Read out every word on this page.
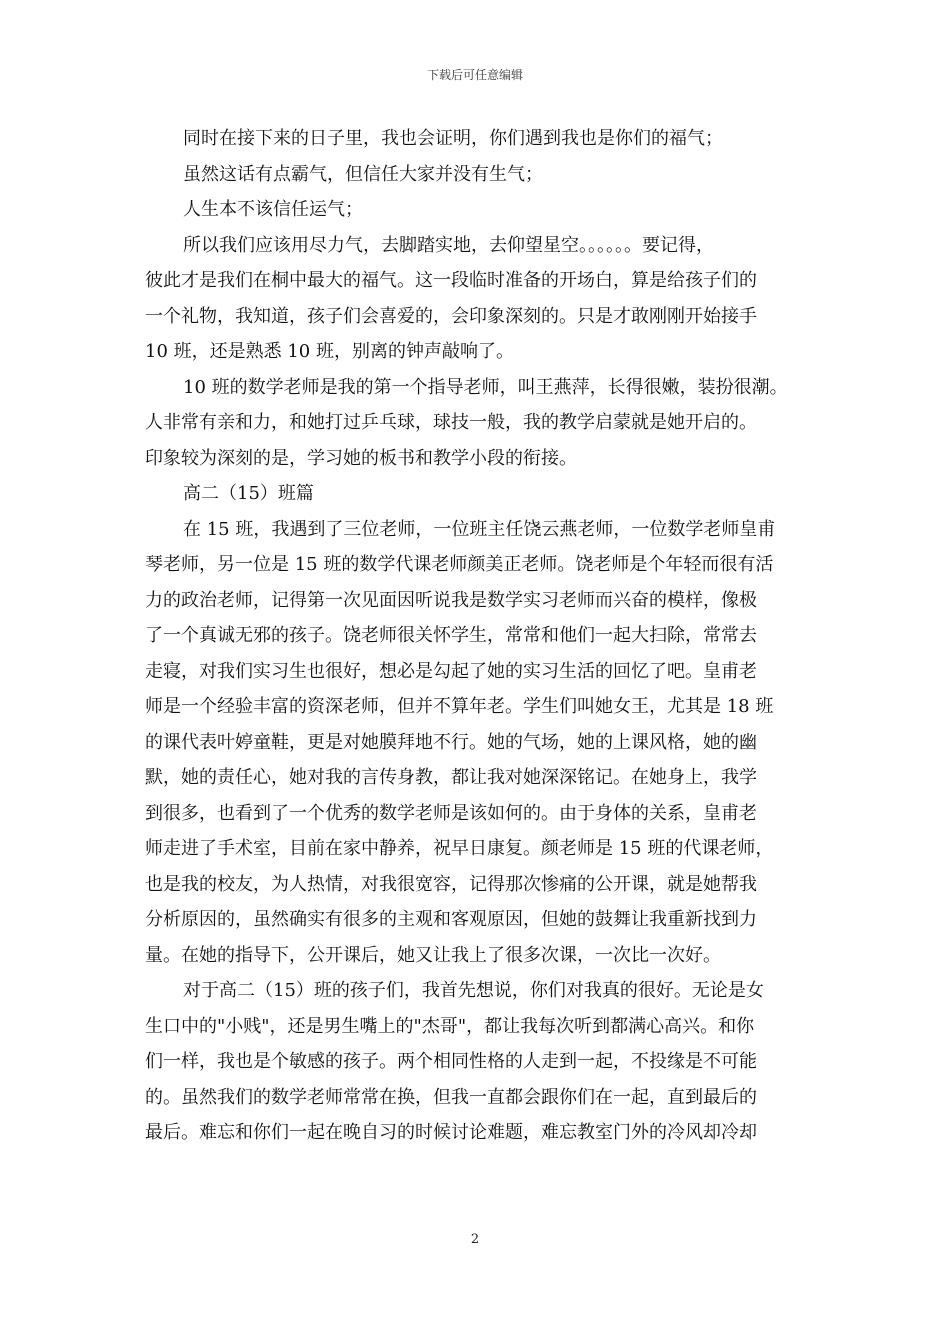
下载后可任意编辑
同时在接下来的日子里，我也会证明，你们遇到我也是你们的福气；
虽然这话有点霸气，但信任大家并没有生气；
人生本不该信任运气；
所以我们应该用尽力气，去脚踏实地，去仰望星空。。。。。。要记得，
彼此才是我们在桐中最大的福气。这一段临时准备的开场白，算是给孩子们的
一个礼物，我知道，孩子们会喜爱的，会印象深刻的。只是才敢刚刚开始接手
10 班，还是熟悉 10 班，别离的钟声敲响了。
10 班的数学老师是我的第一个指导老师，叫王燕萍，长得很嫩，装扮很潮。
人非常有亲和力，和她打过乒乓球，球技一般，我的教学启蒙就是她开启的。
印象较为深刻的是，学习她的板书和教学小段的衔接。
高二（15）班篇
在 15 班，我遇到了三位老师，一位班主任饶云燕老师，一位数学老师皇甫
琴老师，另一位是 15 班的数学代课老师颜美正老师。饶老师是个年轻而很有活
力的政治老师，记得第一次见面因听说我是数学实习老师而兴奋的模样，像极
了一个真诚无邪的孩子。饶老师很关怀学生，常常和他们一起大扫除，常常去
走寝，对我们实习生也很好，想必是勾起了她的实习生活的回忆了吧。皇甫老
师是一个经验丰富的资深老师，但并不算年老。学生们叫她女王，尤其是 18 班
的课代表叶婷童鞋，更是对她膜拜地不行。她的气场，她的上课风格，她的幽
默，她的责任心，她对我的言传身教，都让我对她深深铭记。在她身上，我学
到很多，也看到了一个优秀的数学老师是该如何的。由于身体的关系，皇甫老
师走进了手术室，目前在家中静养，祝早日康复。颜老师是 15 班的代课老师，
也是我的校友，为人热情，对我很宽容，记得那次惨痛的公开课，就是她帮我
分析原因的，虽然确实有很多的主观和客观原因，但她的鼓舞让我重新找到力
量。在她的指导下，公开课后，她又让我上了很多次课，一次比一次好。
对于高二（15）班的孩子们，我首先想说，你们对我真的很好。无论是女
生口中的"小贱"，还是男生嘴上的"杰哥"，都让我每次听到都满心高兴。和你
们一样，我也是个敏感的孩子。两个相同性格的人走到一起，不投缘是不可能
的。虽然我们的数学老师常常在换，但我一直都会跟你们在一起，直到最后的
最后。难忘和你们一起在晚自习的时候讨论难题，难忘教室门外的冷风却冷却
2
